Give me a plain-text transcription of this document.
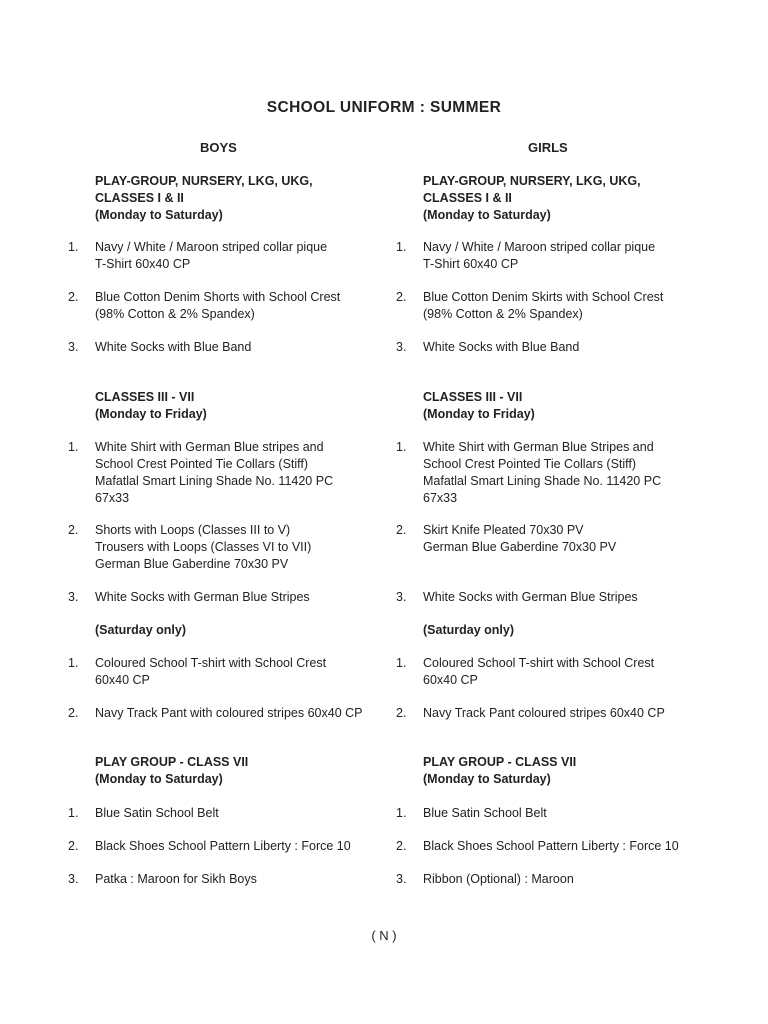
SCHOOL UNIFORM : SUMMER

BOYS	GIRLS

PLAY-GROUP, NURSERY, LKG, UKG,
CLASSES I & II
(Monday to Saturday)
1. Navy / White / Maroon striped collar pique
T-Shirt 60x40 CP
2. Blue Cotton Denim Shorts with School Crest
(98% Cotton & 2% Spandex)
3. White Socks with Blue Band
CLASSES III - VII
(Monday to Friday)
1. White Shirt with German Blue stripes and
School Crest Pointed Tie Collars (Stiff)
Mafatlal Smart Lining Shade No. 11420 PC
67x33
2. Shorts with Loops (Classes III to V)
Trousers with Loops (Classes VI to VII)
German Blue Gaberdine 70x30 PV
3. White Socks with German Blue Stripes
(Saturday only)
1. Coloured School T-shirt with School Crest
60x40 CP
2. Navy Track Pant with coloured stripes 60x40 CP
PLAY GROUP - CLASS VII
(Monday to Saturday)
1. Blue Satin School Belt
2. Black Shoes School Pattern Liberty : Force 10
3. Patka : Maroon for Sikh Boys
PLAY-GROUP, NURSERY, LKG, UKG,
CLASSES I & II
(Monday to Saturday)
1. Navy / White / Maroon striped collar pique
T-Shirt 60x40 CP
2. Blue Cotton Denim Skirts with School Crest
(98% Cotton & 2% Spandex)
3. White Socks with Blue Band
CLASSES III - VII
(Monday to Friday)
1. White Shirt with German Blue Stripes and
School Crest Pointed Tie Collars (Stiff)
Mafatlal Smart Lining Shade No. 11420 PC
67x33
2. Skirt Knife Pleated 70x30 PV
German Blue Gaberdine 70x30 PV
3. White Socks with German Blue Stripes
(Saturday only)
1. Coloured School T-shirt with School Crest
60x40 CP
2. Navy Track Pant coloured stripes 60x40 CP
PLAY GROUP - CLASS VII
(Monday to Saturday)
1. Blue Satin School Belt
2. Black Shoes School Pattern Liberty : Force 10
3. Ribbon (Optional) : Maroon

( N )
